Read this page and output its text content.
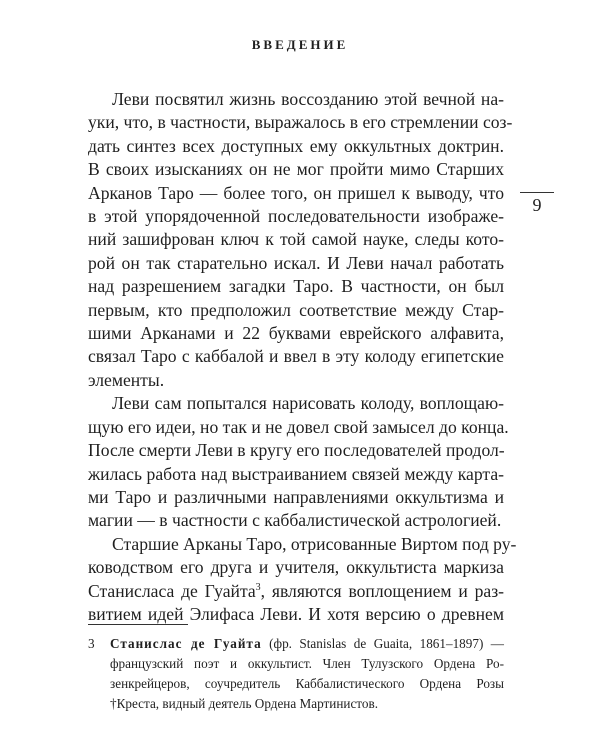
ВВЕДЕНИЕ
9
Леви посвятил жизнь воссозданию этой вечной на-
уки, что, в частности, выражалось в его стремлении соз-
дать синтез всех доступных ему оккультных доктрин.
В своих изысканиях он не мог пройти мимо Старших
Арканов Таро — более того, он пришел к выводу, что
в этой упорядоченной последовательности изображе-
ний зашифрован ключ к той самой науке, следы кото-
рой он так старательно искал. И Леви начал работать
над разрешением загадки Таро. В частности, он был
первым, кто предположил соответствие между Стар-
шими Арканами и 22 буквами еврейского алфавита,
связал Таро с каббалой и ввел в эту колоду египетские
элементы.
Леви сам попытался нарисовать колоду, воплощаю-
щую его идеи, но так и не довел свой замысел до конца.
После смерти Леви в кругу его последователей продол-
жилась работа над выстраиванием связей между карта-
ми Таро и различными направлениями оккультизма и
магии — в частности с каббалистической астрологией.
Старшие Арканы Таро, отрисованные Виртом под ру-
ководством его друга и учителя, оккультиста маркиза
Станисласа де Гуайта$^3$, являются воплощением и раз-
витием идей Элифаса Леви. И хотя версию о древнем
3 Станислас де Гуайта (фр. Stanislas de Guaita, 1861–1897) —
французский поэт и оккультист. Член Тулузского Ордена Ро-
зенкрейцеров, соучредитель Каббалистического Ордена Розы
†Креста, видный деятель Ордена Мартинистов.
